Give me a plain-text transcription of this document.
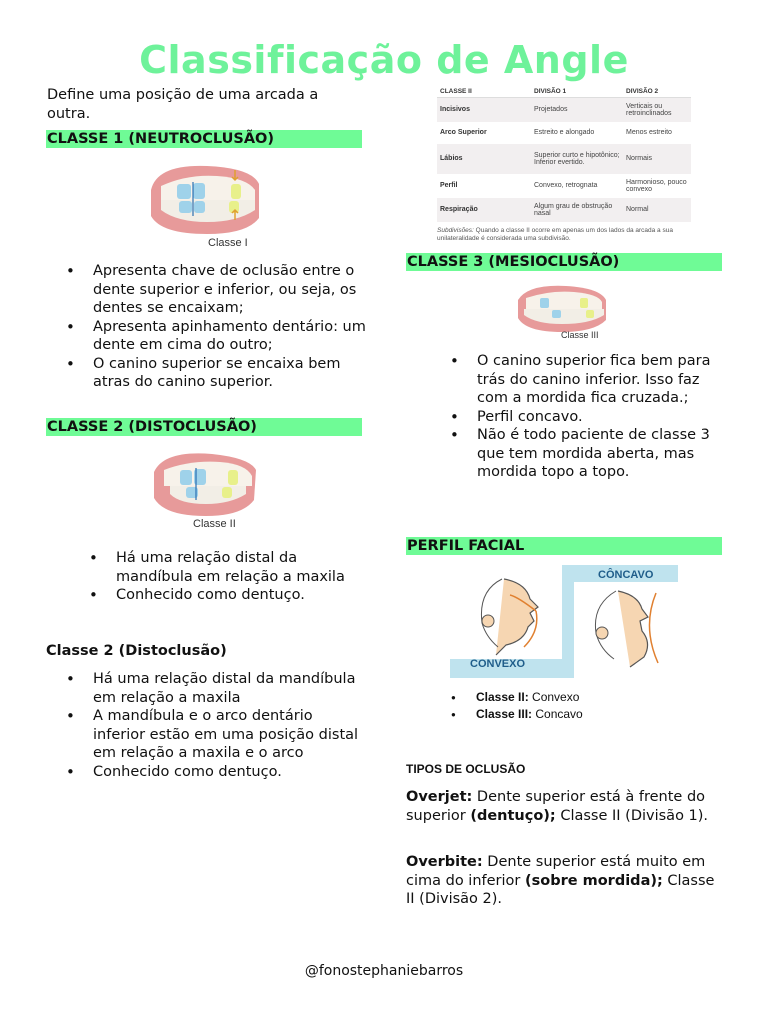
Classificação de Angle
Define uma posição de uma arcada a outra.
CLASSE 1 (NEUTROCLUSÃO)
Classe I
• Apresenta chave de oclusão entre o dente superior e inferior, ou seja, os dentes se encaixam;
• Apresenta apinhamento dentário: um dente em cima do outro;
• O canino superior se encaixa bem atras do canino superior.
CLASSE 2 (DISTOCLUSÃO)
Classe II
• Há uma relação distal da mandíbula em relação a maxila
• Conhecido como dentuço.
Classe 2 (Distoclusão)
• Há uma relação distal da mandíbula em relação a maxila
• A mandíbula e o arco dentário inferior estão em uma posição distal em relação a maxila e o arco
• Conhecido como dentuço.
CLASSE II	DIVISÃO 1	DIVISÃO 2
Incisivos	Projetados	Verticais ou retroinclinados
Arco Superior	Estreito e alongado	Menos estreito
Lábios	Superior curto e hipotônico; Inferior evertido.	Normais
Perfil	Convexo, retrognata	Harmonioso, pouco convexo
Respiração	Algum grau de obstrução nasal	Normal
Subdivisões: Quando a classe II ocorre em apenas um dos lados da arcada a sua unilateralidade é considerada uma subdivisão.
CLASSE 3 (MESIOCLUSÃO)
Classe III
• O canino superior fica bem para trás do canino inferior. Isso faz com a mordida fica cruzada.;
• Perfil concavo.
• Não é todo paciente de classe 3 que tem mordida aberta, mas mordida topo a topo.
PERFIL FACIAL
CÔNCAVO
CONVEXO
● Classe II: Convexo
● Classe III: Concavo
TIPOS DE OCLUSÃO
Overjet: Dente superior está à frente do superior (dentuço); Classe II (Divisão 1).
Overbite: Dente superior está muito em cima do inferior (sobre mordida); Classe II (Divisão 2).
@fonostephaniebarros
